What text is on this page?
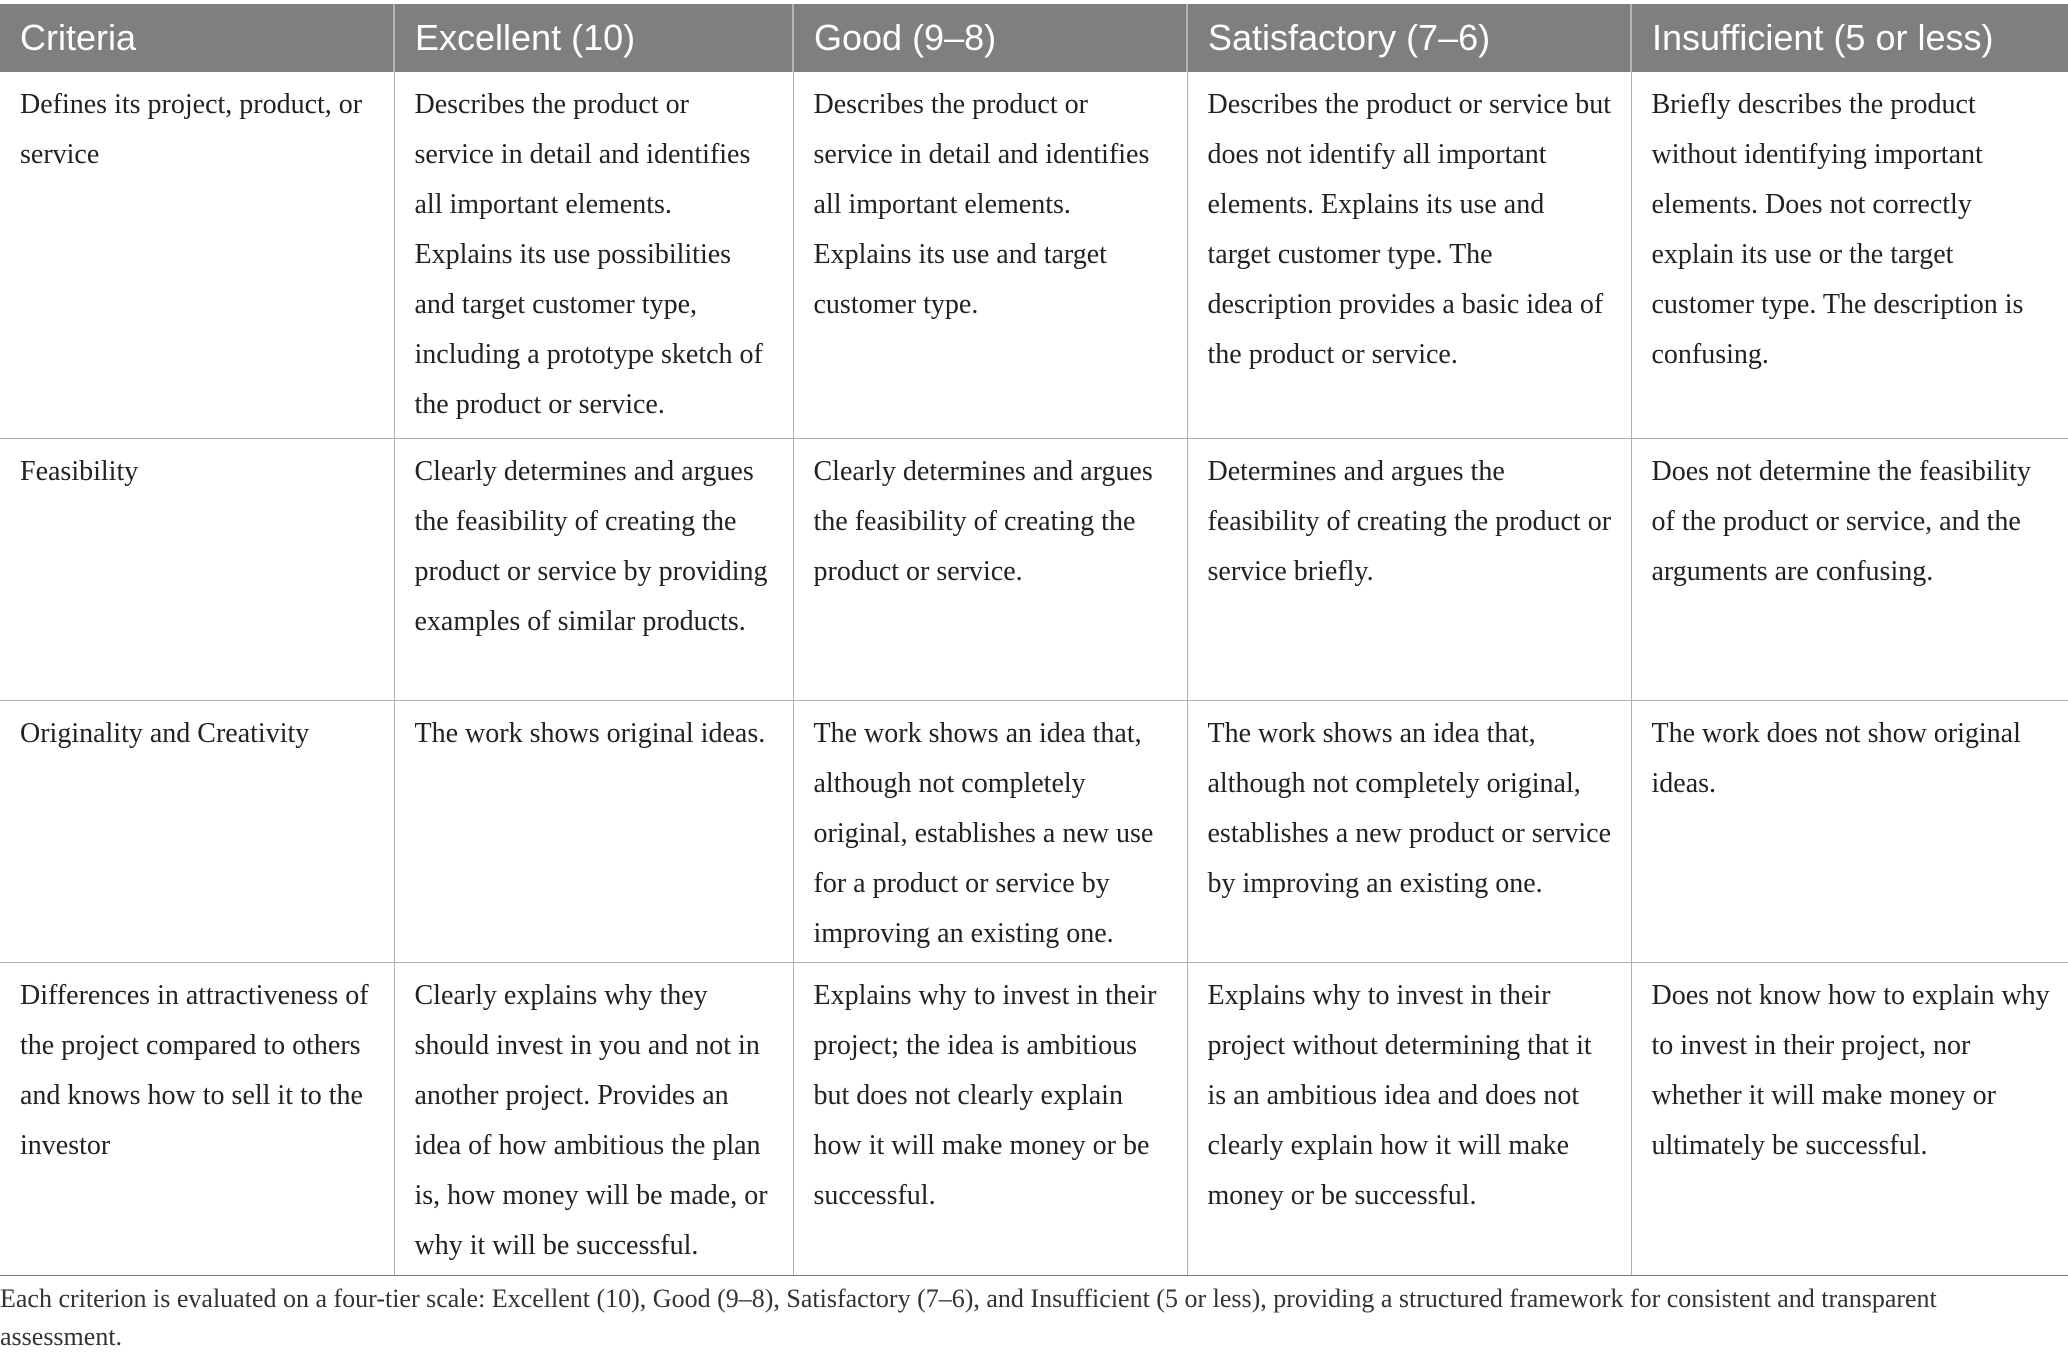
Criteria	Excellent (10)	Good (9–8)	Satisfactory (7–6)	Insufficient (5 or less)
Defines its project, product, or service	Describes the product or service in detail and identifies all important elements. Explains its use possibilities and target customer type, including a prototype sketch of the product or service.	Describes the product or service in detail and identifies all important elements. Explains its use and target customer type.	Describes the product or service but does not identify all important elements. Explains its use and target customer type. The description provides a basic idea of the product or service.	Briefly describes the product without identifying important elements. Does not correctly explain its use or the target customer type. The description is confusing.
Feasibility	Clearly determines and argues the feasibility of creating the product or service by providing examples of similar products.	Clearly determines and argues the feasibility of creating the product or service.	Determines and argues the feasibility of creating the product or service briefly.	Does not determine the feasibility of the product or service, and the arguments are confusing.
Originality and Creativity	The work shows original ideas.	The work shows an idea that, although not completely original, establishes a new use for a product or service by improving an existing one.	The work shows an idea that, although not completely original, establishes a new product or service by improving an existing one.	The work does not show original ideas.
Differences in attractiveness of the project compared to others and knows how to sell it to the investor	Clearly explains why they should invest in you and not in another project. Provides an idea of how ambitious the plan is, how money will be made, or why it will be successful.	Explains why to invest in their project; the idea is ambitious but does not clearly explain how it will make money or be successful.	Explains why to invest in their project without determining that it is an ambitious idea and does not clearly explain how it will make money or be successful.	Does not know how to explain why to invest in their project, nor whether it will make money or ultimately be successful.
Each criterion is evaluated on a four-tier scale: Excellent (10), Good (9–8), Satisfactory (7–6), and Insufficient (5 or less), providing a structured framework for consistent and transparent assessment.
